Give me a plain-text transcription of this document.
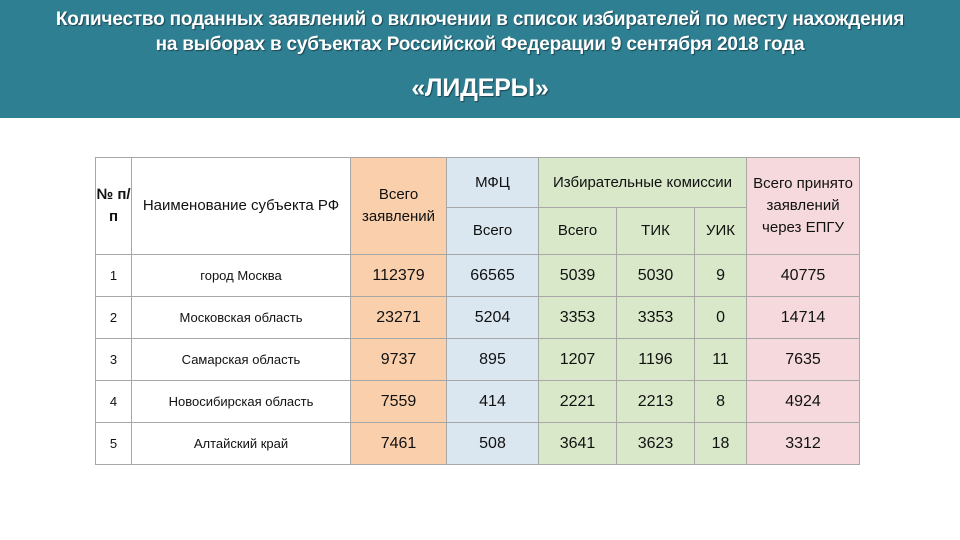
Количество поданных заявлений о включении в список избирателей по месту нахождения
на выборах в субъектах Российской Федерации 9 сентября 2018 года
«ЛИДЕРЫ»
№ п/п	Наименование субъекта РФ	Всего заявлений	МФЦ	Избирательные комиссии			Всего принято заявлений через ЕПГУ
			Всего	Всего	ТИК	УИК	
1	город Москва	112379	66565	5039	5030	9	40775
2	Московская область	23271	5204	3353	3353	0	14714
3	Самарская область	9737	895	1207	1196	11	7635
4	Новосибирская область	7559	414	2221	2213	8	4924
5	Алтайский край	7461	508	3641	3623	18	3312
